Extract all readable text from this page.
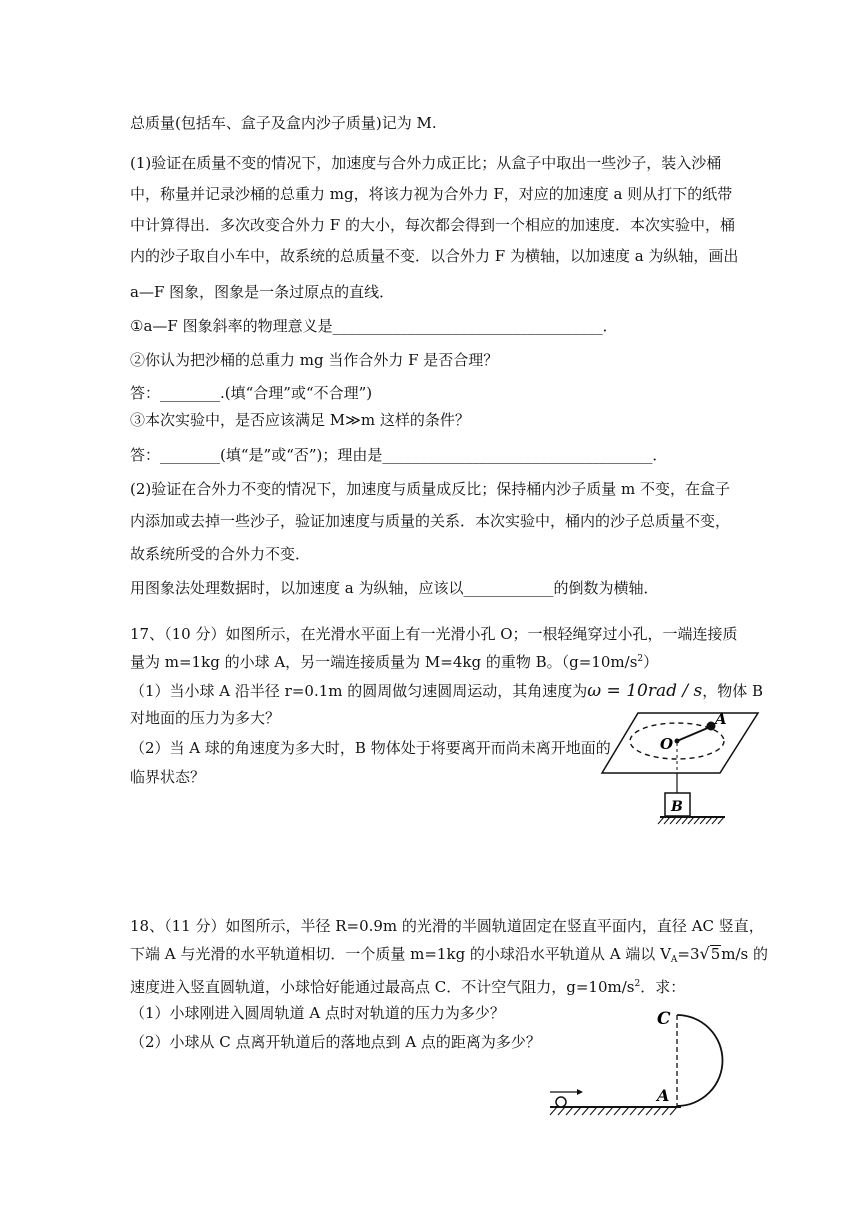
总质量(包括车、盒子及盒内沙子质量)记为 M.
(1)验证在质量不变的情况下，加速度与合外力成正比；从盒子中取出一些沙子，装入沙桶
中，称量并记录沙桶的总重力 mg，将该力视为合外力 F，对应的加速度 a 则从打下的纸带
中计算得出．多次改变合外力 F 的大小，每次都会得到一个相应的加速度．本次实验中，桶
内的沙子取自小车中，故系统的总质量不变．以合外力 F 为横轴，以加速度 a 为纵轴，画出
a—F 图象，图象是一条过原点的直线．
①a—F 图象斜率的物理意义是____________________________________．
②你认为把沙桶的总重力 mg 当作合外力 F 是否合理？
答：________.(填“合理”或“不合理”)
③本次实验中，是否应该满足 M≫m 这样的条件？
答：________(填“是”或“否”)；理由是____________________________________．
(2)验证在合外力不变的情况下，加速度与质量成反比；保持桶内沙子质量 m 不变，在盒子
内添加或去掉一些沙子，验证加速度与质量的关系．本次实验中，桶内的沙子总质量不变，
故系统所受的合外力不变．
用图象法处理数据时，以加速度 a 为纵轴，应该以____________的倒数为横轴．
17、（10 分）如图所示，在光滑水平面上有一光滑小孔 O；一根轻绳穿过小孔，一端连接质
量为 m=1kg 的小球 A，另一端连接质量为 M=4kg 的重物 B。$(g=10m/s^2)$
（1）当小球 A 沿半径 r=0.1m 的圆周做匀速圆周运动，其角速度为ω = 10rad / s，物体 B
对地面的压力为多大？
（2）当 A 球的角速度为多大时，B 物体处于将要离开而尚未离开地面的
临界状态？
A
O
B
18、（11 分）如图所示，半径 R=0.9m 的光滑的半圆轨道固定在竖直平面内，直径 AC 竖直，
下端 A 与光滑的水平轨道相切．一个质量 m=1kg 的小球沿水平轨道从 A 端以 $V_A=3√5m/s$ 的
速度进入竖直圆轨道，小球恰好能通过最高点 C．不计空气阻力，$g=10m/s^2$．求：
（1）小球刚进入圆周轨道 A 点时对轨道的压力为多少？
（2）小球从 C 点离开轨道后的落地点到 A 点的距离为多少？
C
A
